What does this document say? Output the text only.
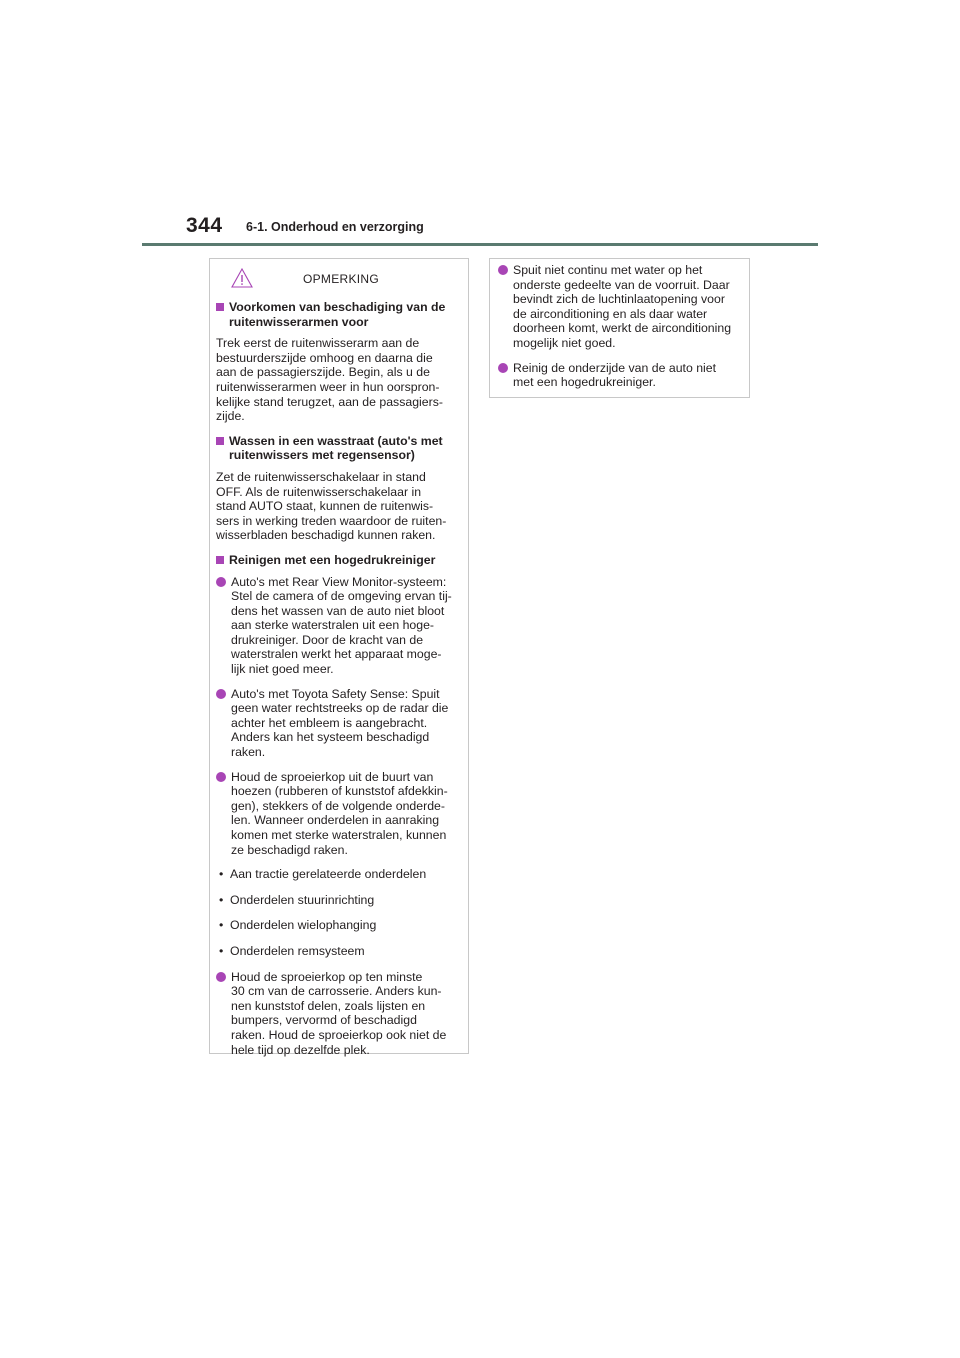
344 6-1. Onderhoud en verzorging
OPMERKING
Voorkomen van beschadiging van de
ruitenwisserarmen voor
Trek eerst de ruitenwisserarm aan de
bestuurderszijde omhoog en daarna die
aan de passagierszijde. Begin, als u de
ruitenwisserarmen weer in hun oorspron-
kelijke stand terugzet, aan de passagiers-
zijde.
Wassen in een wasstraat (auto's met
ruitenwissers met regensensor)
Zet de ruitenwisserschakelaar in stand
OFF. Als de ruitenwisserschakelaar in
stand AUTO staat, kunnen de ruitenwis-
sers in werking treden waardoor de ruiten-
wisserbladen beschadigd kunnen raken.
Reinigen met een hogedrukreiniger
Auto's met Rear View Monitor-systeem:
Stel de camera of de omgeving ervan tij-
dens het wassen van de auto niet bloot
aan sterke waterstralen uit een hoge-
drukreiniger. Door de kracht van de
waterstralen werkt het apparaat moge-
lijk niet goed meer.
Auto's met Toyota Safety Sense: Spuit
geen water rechtstreeks op de radar die
achter het embleem is aangebracht.
Anders kan het systeem beschadigd
raken.
Houd de sproeierkop uit de buurt van
hoezen (rubberen of kunststof afdekkin-
gen), stekkers of de volgende onderde-
len. Wanneer onderdelen in aanraking
komen met sterke waterstralen, kunnen
ze beschadigd raken.
• Aan tractie gerelateerde onderdelen
• Onderdelen stuurinrichting
• Onderdelen wielophanging
• Onderdelen remsysteem
Houd de sproeierkop op ten minste
30 cm van de carrosserie. Anders kun-
nen kunststof delen, zoals lijsten en
bumpers, vervormd of beschadigd
raken. Houd de sproeierkop ook niet de
hele tijd op dezelfde plek.
Spuit niet continu met water op het
onderste gedeelte van de voorruit. Daar
bevindt zich de luchtinlaatopening voor
de airconditioning en als daar water
doorheen komt, werkt de airconditioning
mogelijk niet goed.
Reinig de onderzijde van de auto niet
met een hogedrukreiniger.
